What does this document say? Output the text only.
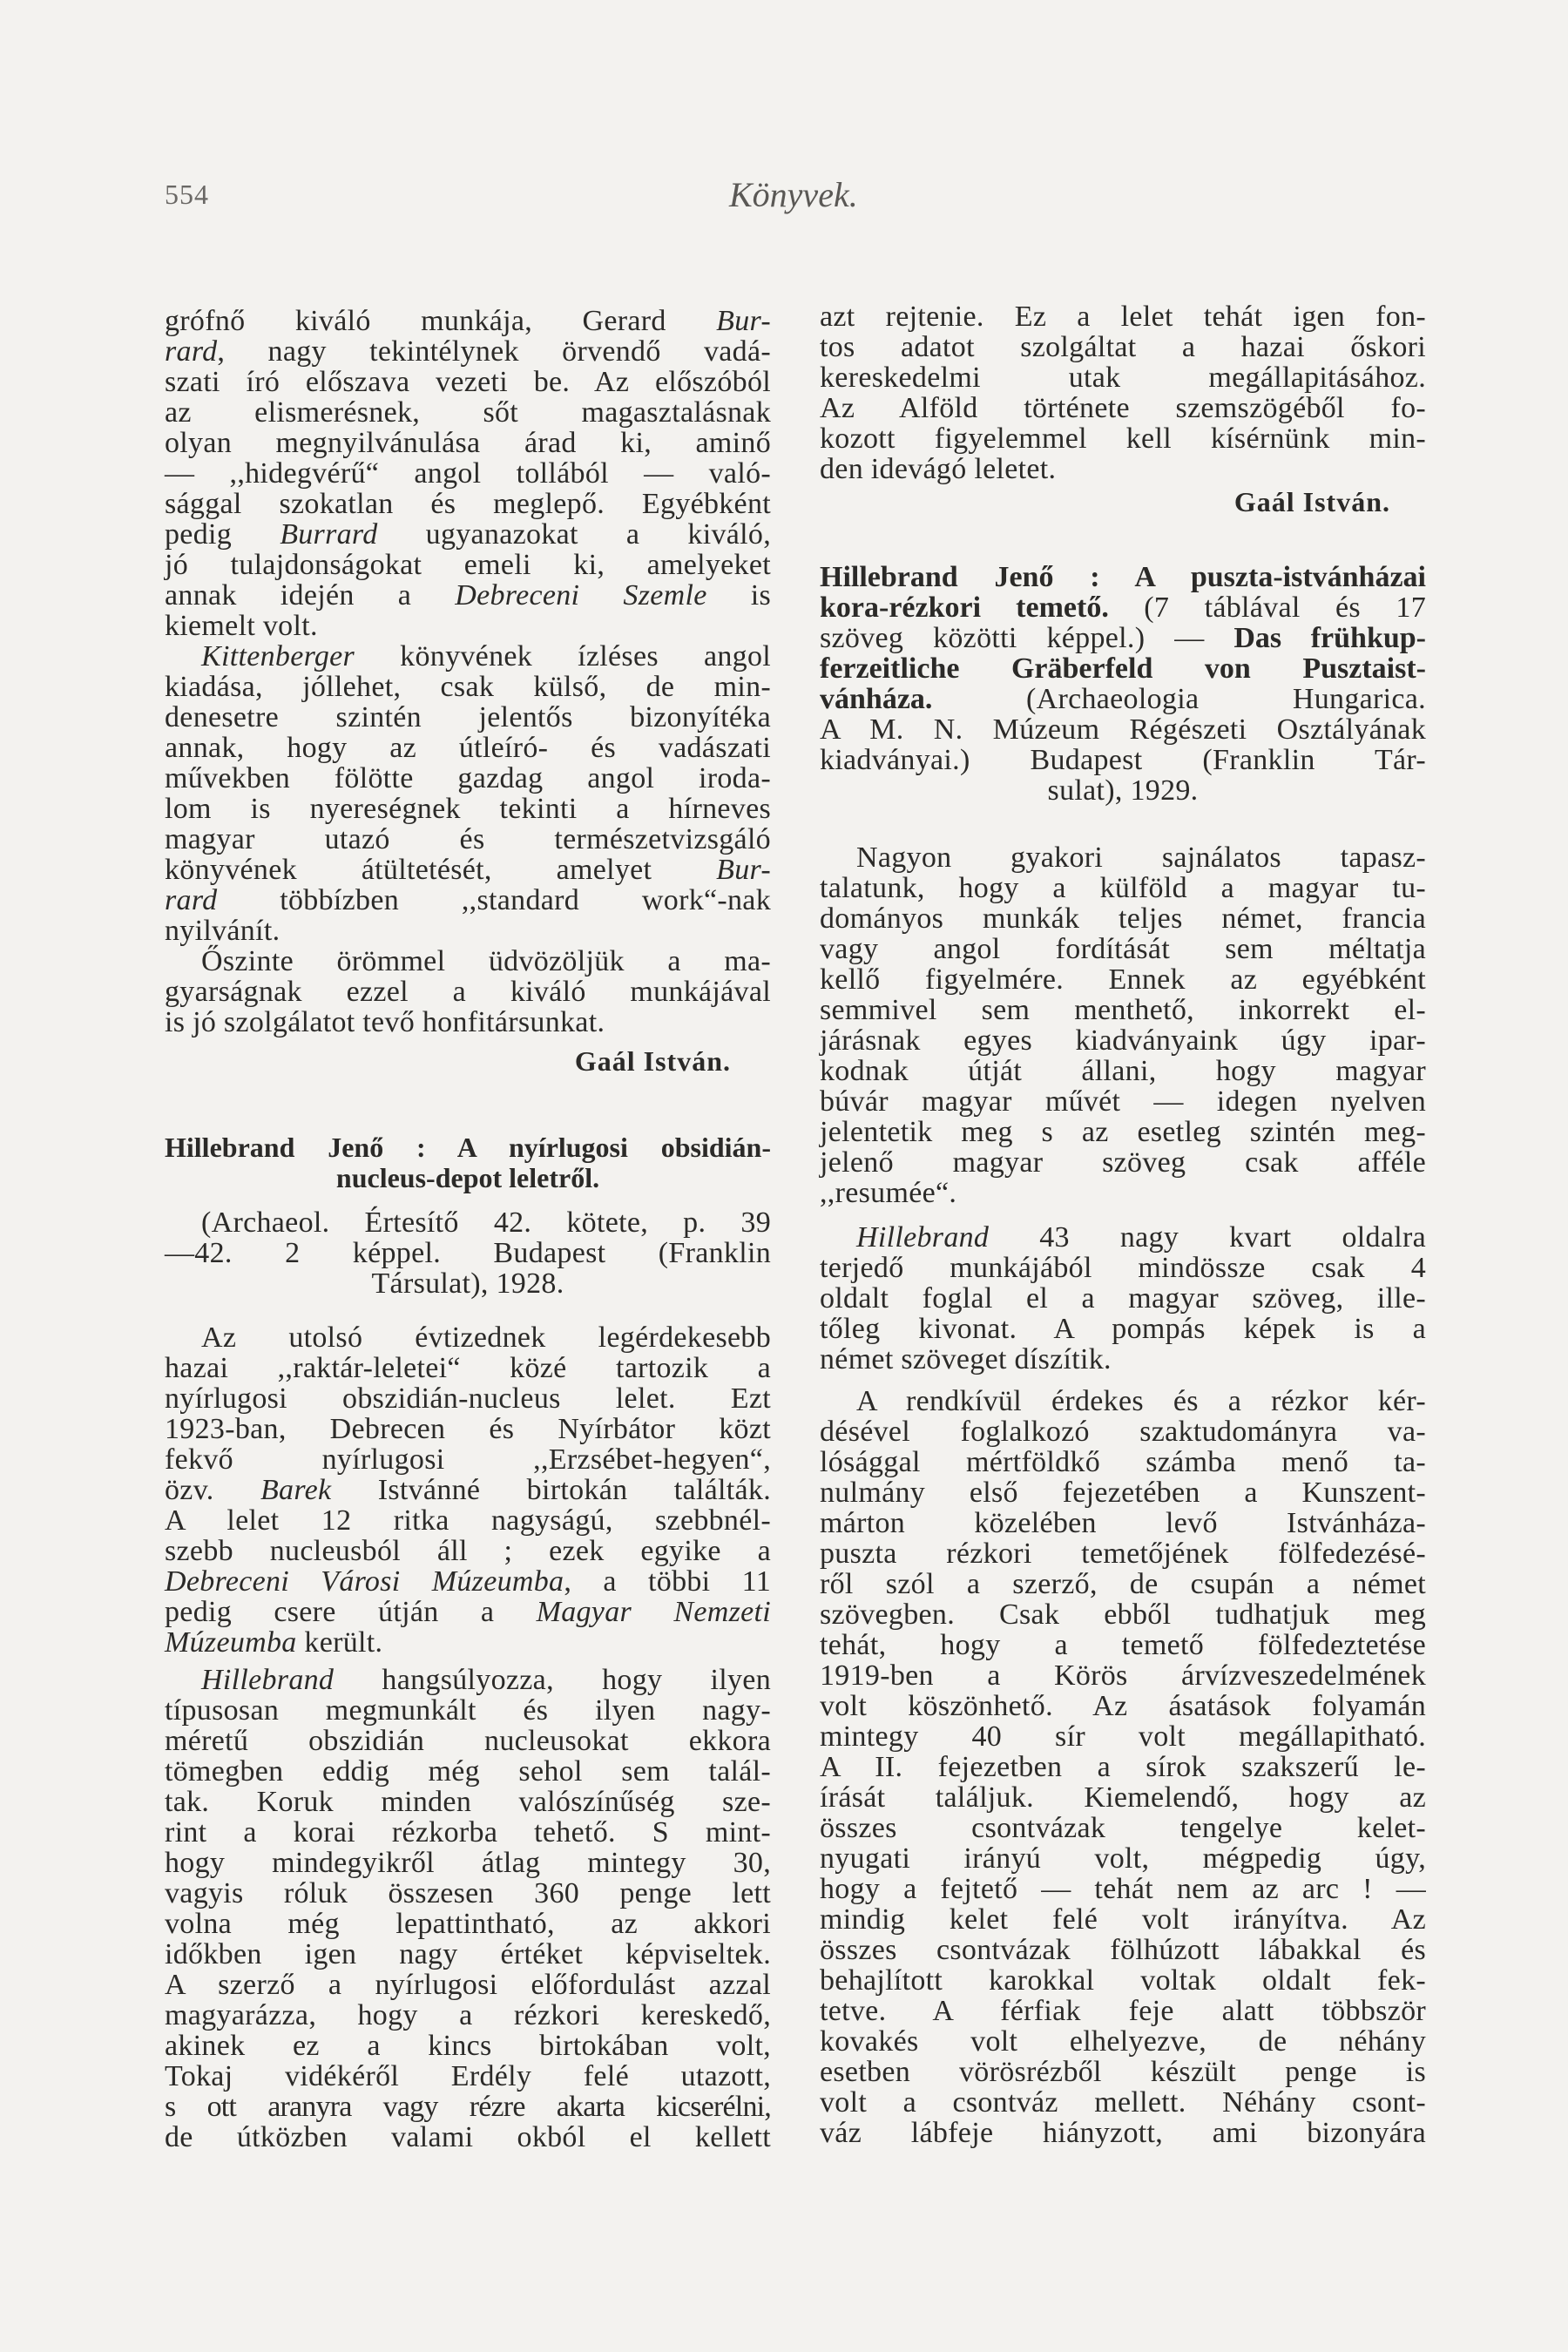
554	Könyvek.
grófnő kiváló munkája, Gerard Bur-
rard, nagy tekintélynek örvendő vadá-
szati író előszava vezeti be. Az előszóból
az elismerésnek, sőt magasztalásnak
olyan megnyilvánulása árad ki, aminő
— ,,hidegvérű“ angol tollából — való-
sággal szokatlan és meglepő. Egyébként
pedig Burrard ugyanazokat a kiváló,
jó tulajdonságokat emeli ki, amelyeket
annak idején a Debreceni Szemle is
kiemelt volt.
Kittenberger könyvének ízléses angol
kiadása, jóllehet, csak külső, de min-
denesetre szintén jelentős bizonyítéka
annak, hogy az útleíró- és vadászati
művekben fölötte gazdag angol iroda-
lom is nyereségnek tekinti a hírneves
magyar utazó és természetvizsgáló
könyvének átültetését, amelyet Bur-
rard többízben ,,standard work“-nak
nyilvánít.
Őszinte örömmel üdvözöljük a ma-
gyarságnak ezzel a kiváló munkájával
is jó szolgálatot tevő honfitársunkat.
Gaál István.
Hillebrand Jenő : A nyírlugosi obsidián-
nucleus-depot leletről.
(Archaeol. Értesítő 42. kötete, p. 39
—42. 2 képpel. Budapest (Franklin
Társulat), 1928.
Az utolsó évtizednek legérdekesebb
hazai ,,raktár-leletei“ közé tartozik a
nyírlugosi obszidián-nucleus lelet. Ezt
1923-ban, Debrecen és Nyírbátor közt
fekvő nyírlugosi ,,Erzsébet-hegyen“,
özv. Barek Istvánné birtokán találták.
A lelet 12 ritka nagyságú, szebbnél-
szebb nucleusból áll ; ezek egyike a
Debreceni Városi Múzeumba, a többi 11
pedig csere útján a Magyar Nemzeti
Múzeumba került.
Hillebrand hangsúlyozza, hogy ilyen
típusosan megmunkált és ilyen nagy-
méretű obszidián nucleusokat ekkora
tömegben eddig még sehol sem talál-
tak. Koruk minden valószínűség sze-
rint a korai rézkorba tehető. S mint-
hogy mindegyikről átlag mintegy 30,
vagyis róluk összesen 360 penge lett
volna még lepattintható, az akkori
időkben igen nagy értéket képviseltek.
A szerző a nyírlugosi előfordulást azzal
magyarázza, hogy a rézkori kereskedő,
akinek ez a kincs birtokában volt,
Tokaj vidékéről Erdély felé utazott,
s ott aranyra vagy rézre akarta kicserélni,
de útközben valami okból el kellett
azt rejtenie. Ez a lelet tehát igen fon-
tos adatot szolgáltat a hazai őskori
kereskedelmi utak megállapitásához.
Az Alföld története szemszögéből fo-
kozott figyelemmel kell kísérnünk min-
den idevágó leletet.
Gaál István.
Hillebrand Jenő : A puszta-istvánházai
kora-rézkori temető. (7 táblával és 17
szöveg közötti képpel.) — Das frühkup-
ferzeitliche Gräberfeld von Pusztaist-
vánháza. (Archaeologia Hungarica.
A M. N. Múzeum Régészeti Osztályának
kiadványai.) Budapest (Franklin Tár-
sulat), 1929.
Nagyon gyakori sajnálatos tapasz-
talatunk, hogy a külföld a magyar tu-
dományos munkák teljes német, francia
vagy angol fordítását sem méltatja
kellő figyelmére. Ennek az egyébként
semmivel sem menthető, inkorrekt el-
járásnak egyes kiadványaink úgy ipar-
kodnak útját állani, hogy magyar
búvár magyar művét — idegen nyelven
jelentetik meg s az esetleg szintén meg-
jelenő magyar szöveg csak afféle
,,resumée“.
Hillebrand 43 nagy kvart oldalra
terjedő munkájából mindössze csak 4
oldalt foglal el a magyar szöveg, ille-
tőleg kivonat. A pompás képek is a
német szöveget díszítik.
A rendkívül érdekes és a rézkor kér-
désével foglalkozó szaktudományra va-
lósággal mértföldkő számba menő ta-
nulmány első fejezetében a Kunszent-
márton közelében levő Istvánháza-
puszta rézkori temetőjének fölfedezésé-
ről szól a szerző, de csupán a német
szövegben. Csak ebből tudhatjuk meg
tehát, hogy a temető fölfedeztetése
1919-ben a Körös árvízveszedelmének
volt köszönhető. Az ásatások folyamán
mintegy 40 sír volt megállapitható.
A II. fejezetben a sírok szakszerű le-
írását találjuk. Kiemelendő, hogy az
összes csontvázak tengelye kelet-
nyugati irányú volt, mégpedig úgy,
hogy a fejtető — tehát nem az arc ! —
mindig kelet felé volt irányítva. Az
összes csontvázak fölhúzott lábakkal és
behajlított karokkal voltak oldalt fek-
tetve. A férfiak feje alatt többször
kovakés volt elhelyezve, de néhány
esetben vörösrézből készült penge is
volt a csontváz mellett. Néhány csont-
váz lábfeje hiányzott, ami bizonyára
